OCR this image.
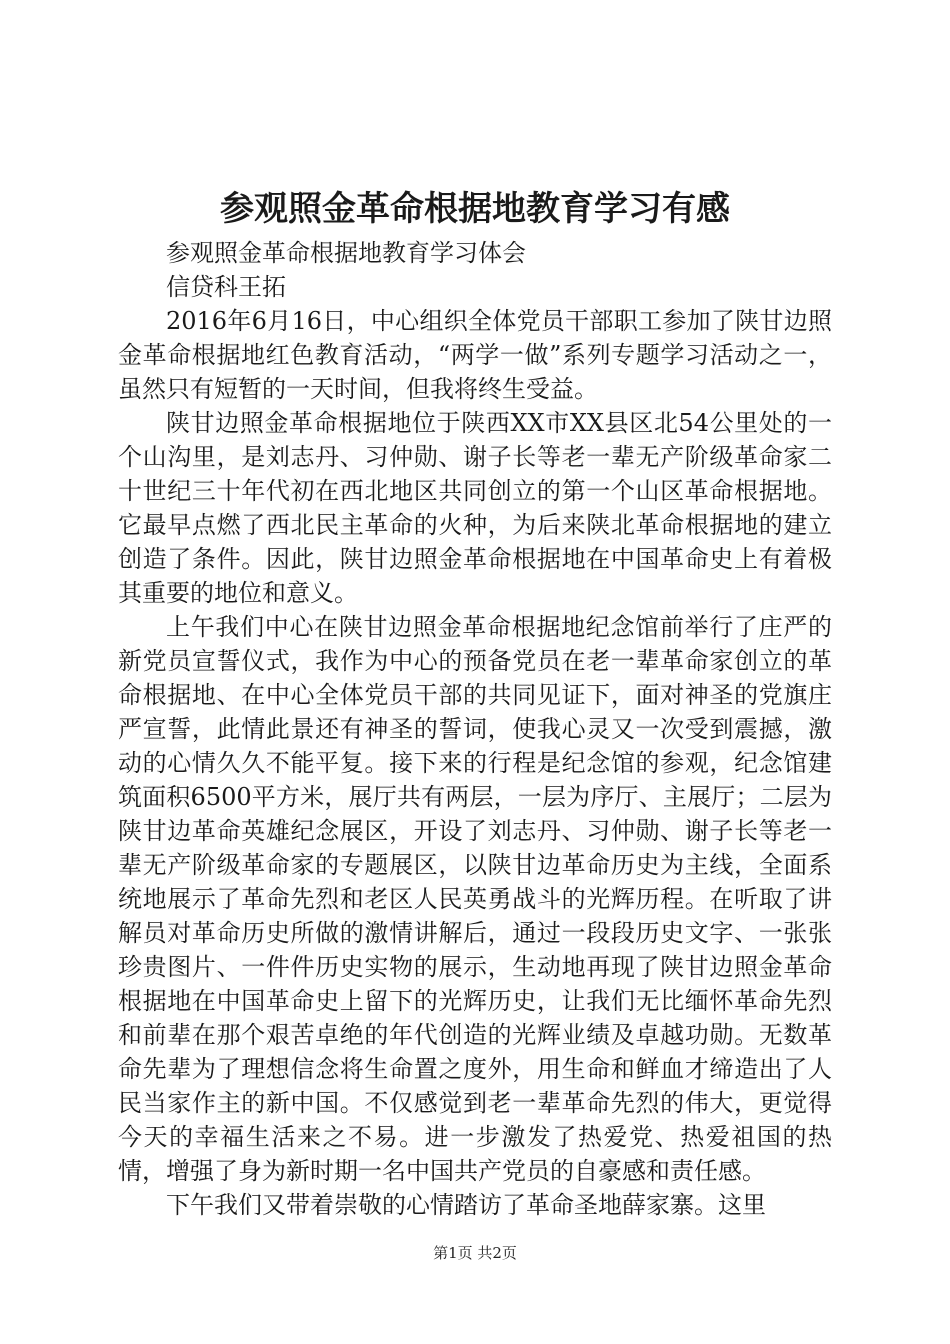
参观照金革命根据地教育学习有感

参观照金革命根据地教育学习体会

信贷科王拓

2016年6月16日，中心组织全体党员干部职工参加了陕甘边照金革命根据地红色教育活动，“两学一做”系列专题学习活动之一，虽然只有短暂的一天时间，但我将终生受益。

陕甘边照金革命根据地位于陕西XX市XX县区北54公里处的一个山沟里，是刘志丹、习仲勋、谢子长等老一辈无产阶级革命家二十世纪三十年代初在西北地区共同创立的第一个山区革命根据地。它最早点燃了西北民主革命的火种，为后来陕北革命根据地的建立创造了条件。因此，陕甘边照金革命根据地在中国革命史上有着极其重要的地位和意义。

上午我们中心在陕甘边照金革命根据地纪念馆前举行了庄严的新党员宣誓仪式，我作为中心的预备党员在老一辈革命家创立的革命根据地、在中心全体党员干部的共同见证下，面对神圣的党旗庄严宣誓，此情此景还有神圣的誓词，使我心灵又一次受到震撼，激动的心情久久不能平复。接下来的行程是纪念馆的参观，纪念馆建筑面积6500平方米，展厅共有两层，一层为序厅、主展厅；二层为陕甘边革命英雄纪念展区，开设了刘志丹、习仲勋、谢子长等老一辈无产阶级革命家的专题展区，以陕甘边革命历史为主线，全面系统地展示了革命先烈和老区人民英勇战斗的光辉历程。在听取了讲解员对革命历史所做的激情讲解后，通过一段段历史文字、一张张珍贵图片、一件件历史实物的展示，生动地再现了陕甘边照金革命根据地在中国革命史上留下的光辉历史，让我们无比缅怀革命先烈和前辈在那个艰苦卓绝的年代创造的光辉业绩及卓越功勋。无数革命先辈为了理想信念将生命置之度外，用生命和鲜血才缔造出了人民当家作主的新中国。不仅感觉到老一辈革命先烈的伟大，更觉得今天的幸福生活来之不易。进一步激发了热爱党、热爱祖国的热情，增强了身为新时期一名中国共产党员的自豪感和责任感。

下午我们又带着崇敬的心情踏访了革命圣地薛家寨。这里

第1页 共2页
